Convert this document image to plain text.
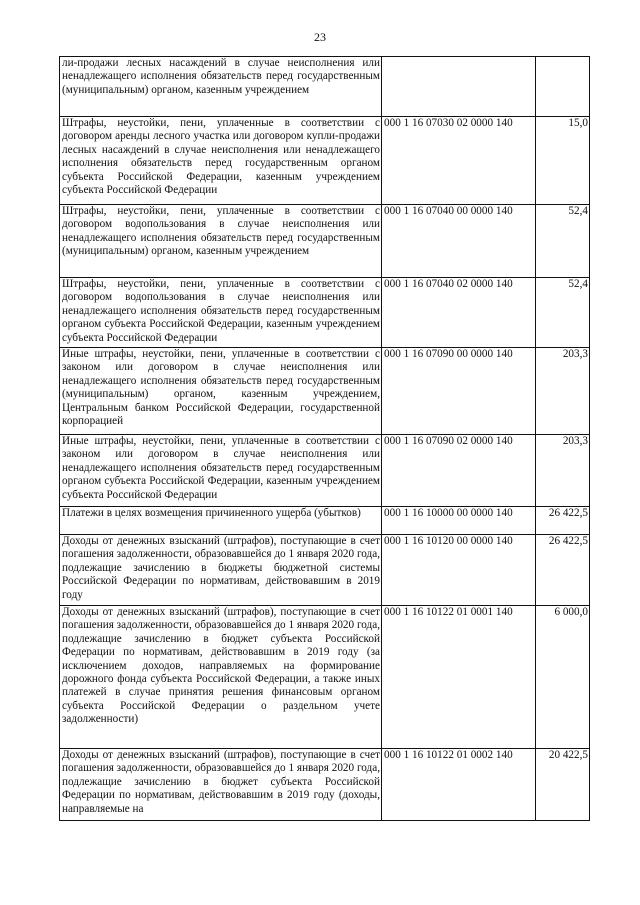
23
ли-продажи лесных насаждений в случае неисполнения или ненадлежащего исполнения обязательств перед государственным (муниципальным) органом, казенным учреждением		
Штрафы, неустойки, пени, уплаченные в соответствии с договором аренды лесного участка или договором купли-продажи лесных насаждений в случае неисполнения или ненадлежащего исполнения обязательств перед государственным органом субъекта Российской Федерации, казенным учреждением субъекта Российской Федерации	000 1 16 07030 02 0000 140	15,0
Штрафы, неустойки, пени, уплаченные в соответствии с договором водопользования в случае неисполнения или ненадлежащего исполнения обязательств перед государственным (муниципальным) органом, казенным учреждением	000 1 16 07040 00 0000 140	52,4
Штрафы, неустойки, пени, уплаченные в соответствии с договором водопользования в случае неисполнения или ненадлежащего исполнения обязательств перед государственным органом субъекта Российской Федерации, казенным учреждением субъекта Российской Федерации	000 1 16 07040 02 0000 140	52,4
Иные штрафы, неустойки, пени, уплаченные в соответствии с законом или договором в случае неисполнения или ненадлежащего исполнения обязательств перед государственным (муниципальным) органом, казенным учреждением, Центральным банком Российской Федерации, государственной корпорацией	000 1 16 07090 00 0000 140	203,3
Иные штрафы, неустойки, пени, уплаченные в соответствии с законом или договором в случае неисполнения или ненадлежащего исполнения обязательств перед государственным органом субъекта Российской Федерации, казенным учреждением субъекта Российской Федерации	000 1 16 07090 02 0000 140	203,3
Платежи в целях возмещения причиненного ущерба (убытков)	000 1 16 10000 00 0000 140	26 422,5
Доходы от денежных взысканий (штрафов), поступающие в счет погашения задолженности, образовавшейся до 1 января 2020 года, подлежащие зачислению в бюджеты бюджетной системы Российской Федерации по нормативам, действовавшим в 2019 году	000 1 16 10120 00 0000 140	26 422,5
Доходы от денежных взысканий (штрафов), поступающие в счет погашения задолженности, образовавшейся до 1 января 2020 года, подлежащие зачислению в бюджет субъекта Российской Федерации по нормативам, действовавшим в 2019 году (за исключением доходов, направляемых на формирование дорожного фонда субъекта Российской Федерации, а также иных платежей в случае принятия решения финансовым органом субъекта Российской Федерации о раздельном учете задолженности)	000 1 16 10122 01 0001 140	6 000,0
Доходы от денежных взысканий (штрафов), поступающие в счет погашения задолженности, образовавшейся до 1 января 2020 года, подлежащие зачислению в бюджет субъекта Российской Федерации по нормативам, действовавшим в 2019 году (доходы, направляемые на	000 1 16 10122 01 0002 140	20 422,5
